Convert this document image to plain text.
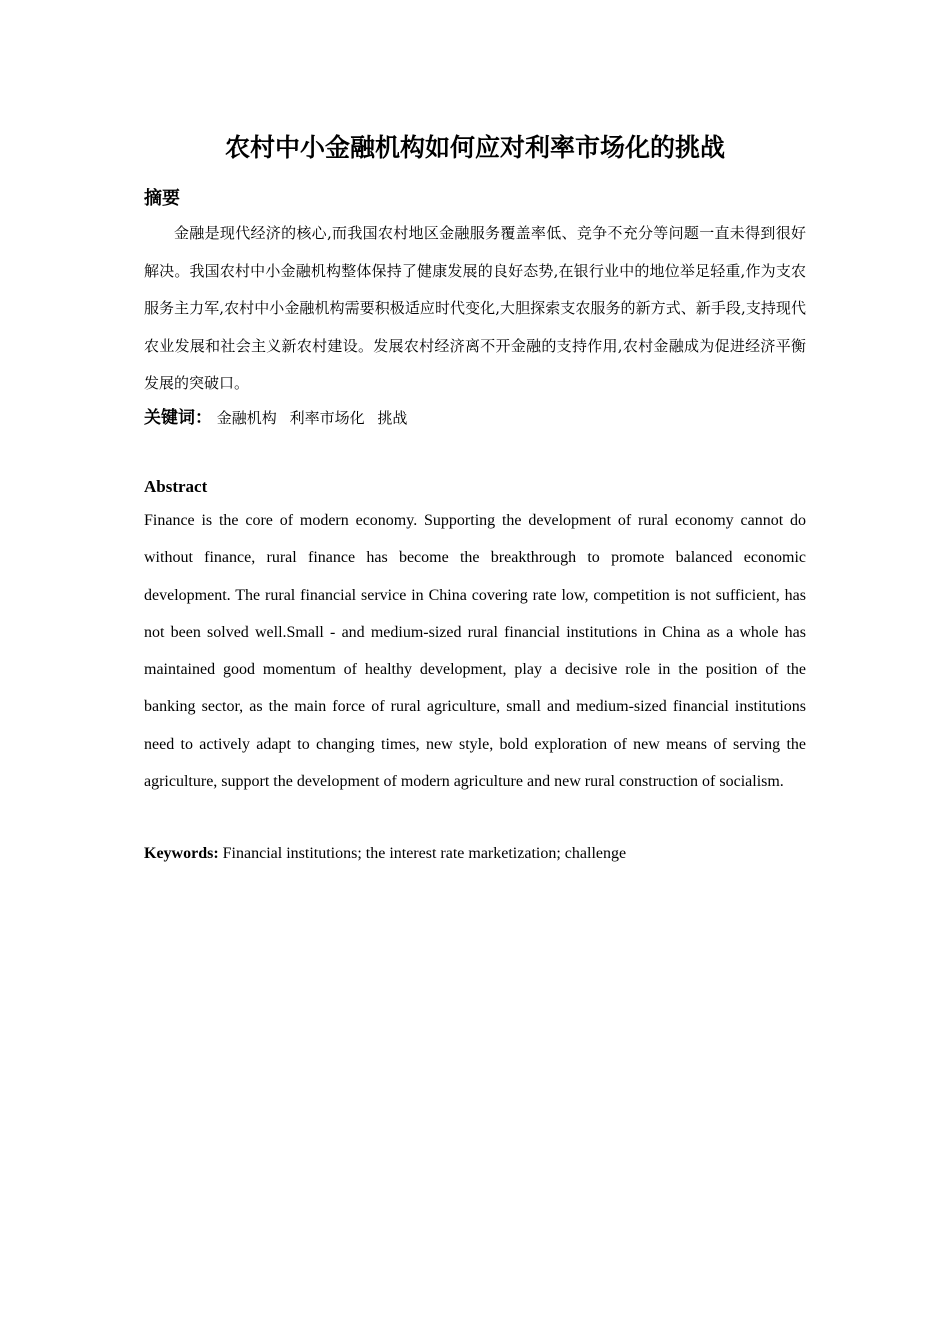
农村中小金融机构如何应对利率市场化的挑战
摘要

金融是现代经济的核心,而我国农村地区金融服务覆盖率低、竞争不充分等问题一直未得到很好解决。我国农村中小金融机构整体保持了健康发展的良好态势,在银行业中的地位举足轻重,作为支农服务主力军,农村中小金融机构需要积极适应时代变化,大胆探索支农服务的新方式、新手段,支持现代农业发展和社会主义新农村建设。发展农村经济离不开金融的支持作用,农村金融成为促进经济平衡发展的突破口。

关键词： 金融机构 利率市场化 挑战

Abstract

Finance is the core of modern economy. Supporting the development of rural economy cannot do without finance, rural finance has become the breakthrough to promote balanced economic development. The rural financial service in China covering rate low, competition is not sufficient, has not been solved well.Small - and medium-sized rural financial institutions in China as a whole has maintained good momentum of healthy development, play a decisive role in the position of the banking sector, as the main force of rural agriculture, small and medium-sized financial institutions need to actively adapt to changing times, new style, bold exploration of new means of serving the agriculture, support the development of modern agriculture and new rural construction of socialism.

Keywords: Financial institutions; the interest rate marketization; challenge
